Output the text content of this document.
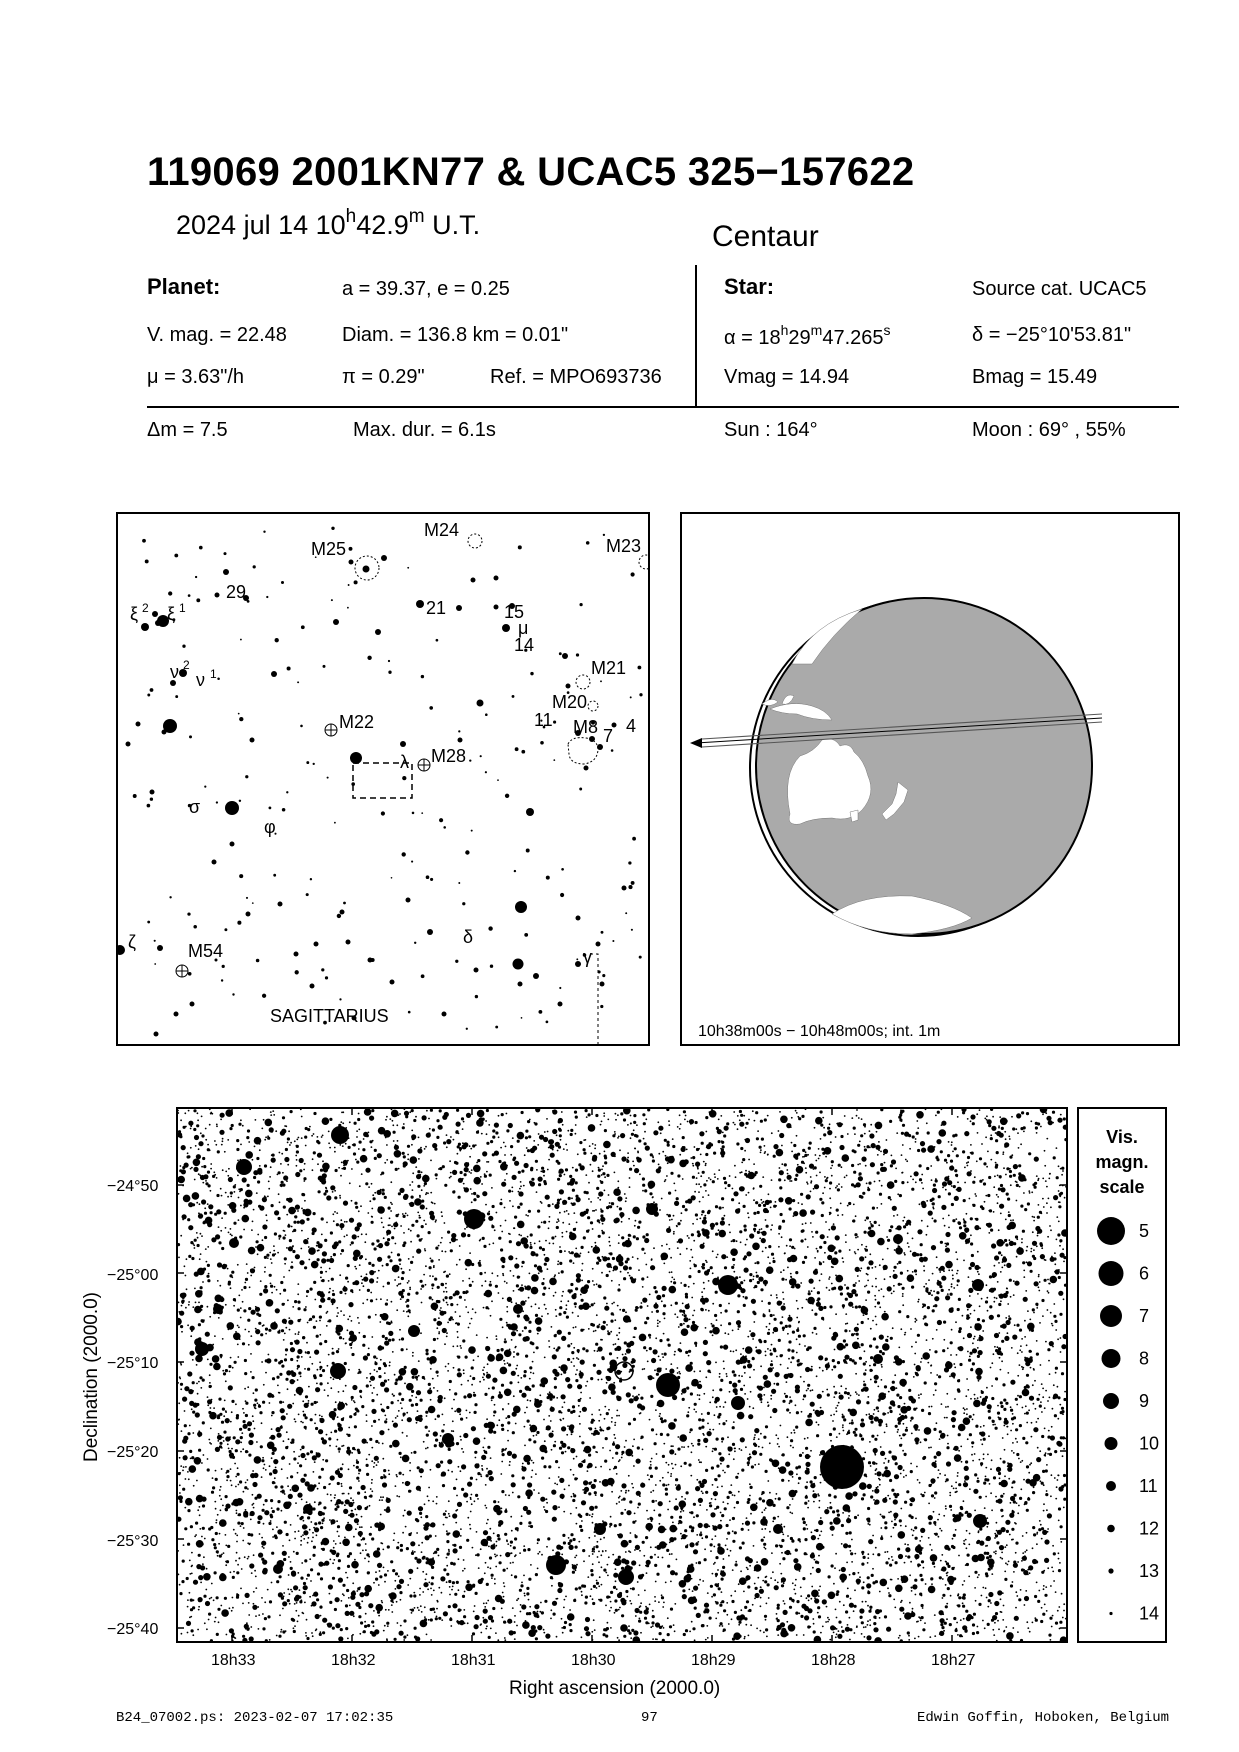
119069 2001KN77 & UCAC5 325−157622
2024 jul 14 10$^h$42.9$^m$ U.T.	Centaur
Planet:	a = 39.37, e = 0.25
V. mag. = 22.48	Diam. = 136.8 km = 0.01"
μ = 3.63"/h	π = 0.29"	Ref. = MPO693736
Star:	Source cat. UCAC5
$\alpha = 18^h29^m47.265^s$	δ = −25°10'53.81"
Vmag = 14.94	Bmag = 15.49
Δm = 7.5	Max. dur. = 6.1s	Sun : 164°	Moon : 69° , 55%
M25
M24
M23
29
21	15
μ
14
M21
M20
11 M8 7 4
M22
λ M28
σ
φ
δ
γ
ζ	M54
ξ 2 ξ 1
ν 2
ν 1
SAGITTARIUS
10h38m00s − 10h48m00s; int. 1m
−24°50
−25°00
−25°10
−25°20
−25°30
−25°40
18h33	18h32	18h31	18h30	18h29	18h28	18h27
Right ascension (2000.0)
Declination (2000.0)
Vis.
magn.
scale
5
6
7
8
9
10
11
12
13
14
B24_07002.ps: 2023-02-07 17:02:35	97	Edwin Goffin, Hoboken, Belgium
